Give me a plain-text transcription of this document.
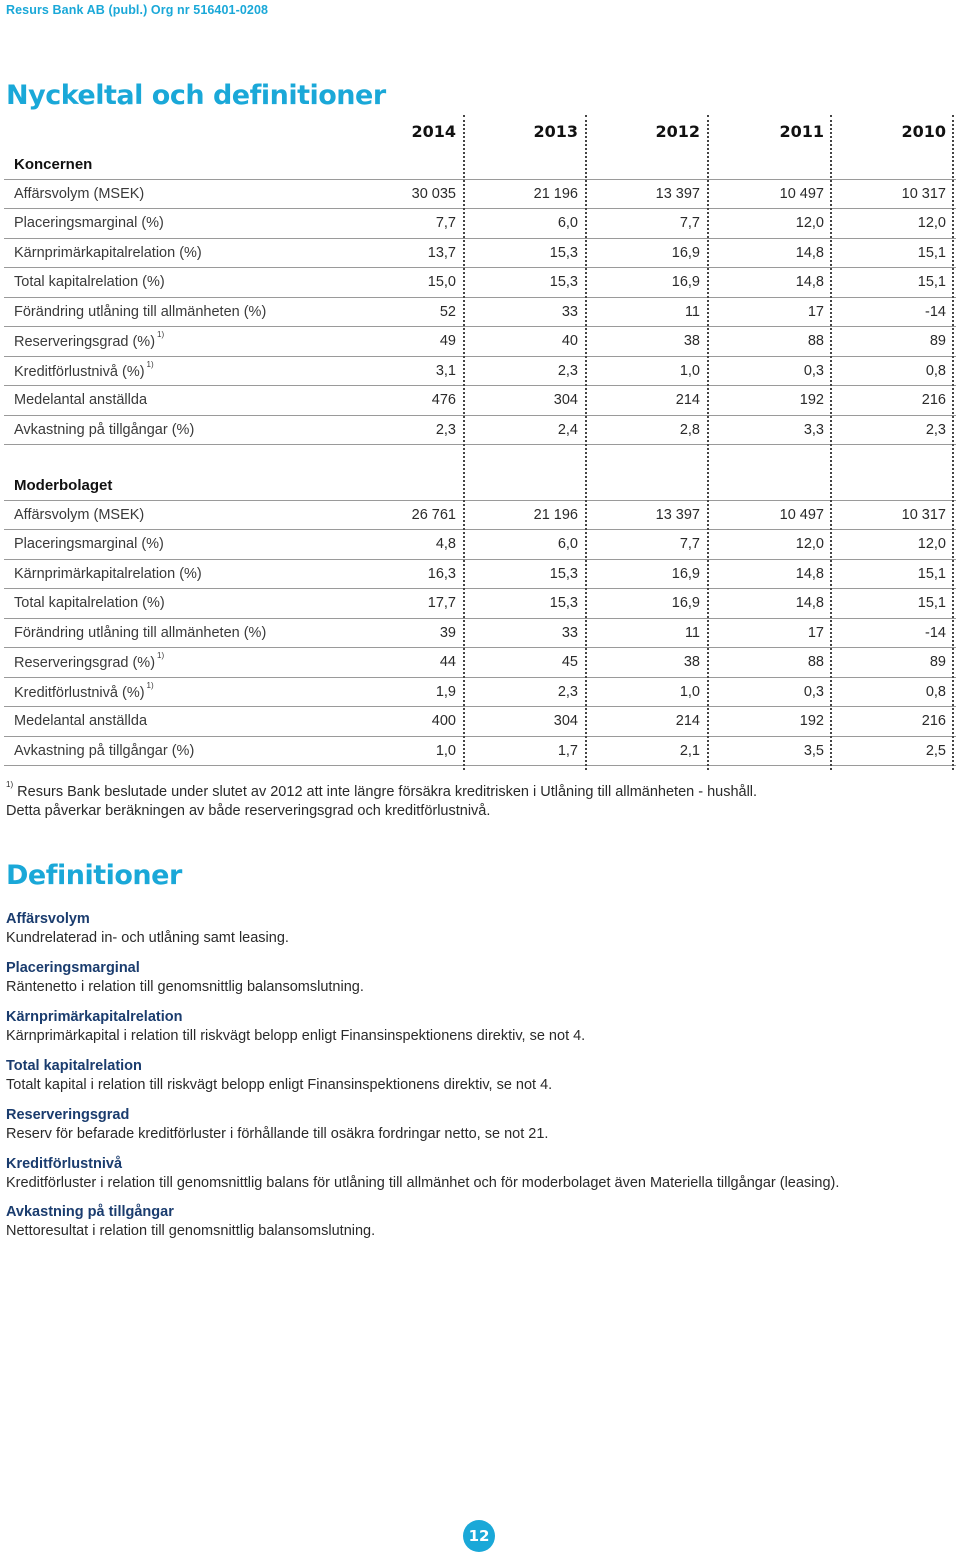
Resurs Bank AB (publ.) Org nr 516401-0208
Nyckeltal och definitioner
2014	2013	2012	2011	2010
Koncernen
Affärsvolym (MSEK)	30 035	21 196	13 397	10 497	10 317
Placeringsmarginal (%)	7,7	6,0	7,7	12,0	12,0
Kärnprimärkapitalrelation (%)	13,7	15,3	16,9	14,8	15,1
Total kapitalrelation (%)	15,0	15,3	16,9	14,8	15,1
Förändring utlåning till allmänheten (%)	52	33	11	17	-14
Reserveringsgrad (%) $^{1)}$	49	40	38	88	89
Kreditförlustnivå (%) $^{1)}$	3,1	2,3	1,0	0,3	0,8
Medelantal anställda	476	304	214	192	216
Avkastning på tillgångar (%)	2,3	2,4	2,8	3,3	2,3
Moderbolaget
Affärsvolym (MSEK)	26 761	21 196	13 397	10 497	10 317
Placeringsmarginal (%)	4,8	6,0	7,7	12,0	12,0
Kärnprimärkapitalrelation (%)	16,3	15,3	16,9	14,8	15,1
Total kapitalrelation (%)	17,7	15,3	16,9	14,8	15,1
Förändring utlåning till allmänheten (%)	39	33	11	17	-14
Reserveringsgrad (%) $^{1)}$	44	45	38	88	89
Kreditförlustnivå (%) $^{1)}$	1,9	2,3	1,0	0,3	0,8
Medelantal anställda	400	304	214	192	216
Avkastning på tillgångar (%)	1,0	1,7	2,1	3,5	2,5
$^{1)}$ Resurs Bank beslutade under slutet av 2012 att inte längre försäkra kreditrisken i Utlåning till allmänheten - hushåll.
Detta påverkar beräkningen av både reserveringsgrad och kreditförlustnivå.
Definitioner
Affärsvolym
Kundrelaterad in- och utlåning samt leasing.
Placeringsmarginal
Räntenetto i relation till genomsnittlig balansomslutning.
Kärnprimärkapitalrelation
Kärnprimärkapital i relation till riskvägt belopp enligt Finansinspektionens direktiv, se not 4.
Total kapitalrelation
Totalt kapital i relation till riskvägt belopp enligt Finansinspektionens direktiv, se not 4.
Reserveringsgrad
Reserv för befarade kreditförluster i förhållande till osäkra fordringar netto, se not 21.
Kreditförlustnivå
Kreditförluster i relation till genomsnittlig balans för utlåning till allmänhet och för moderbolaget även Materiella tillgångar (leasing).
Avkastning på tillgångar
Nettoresultat i relation till genomsnittlig balansomslutning.
12
